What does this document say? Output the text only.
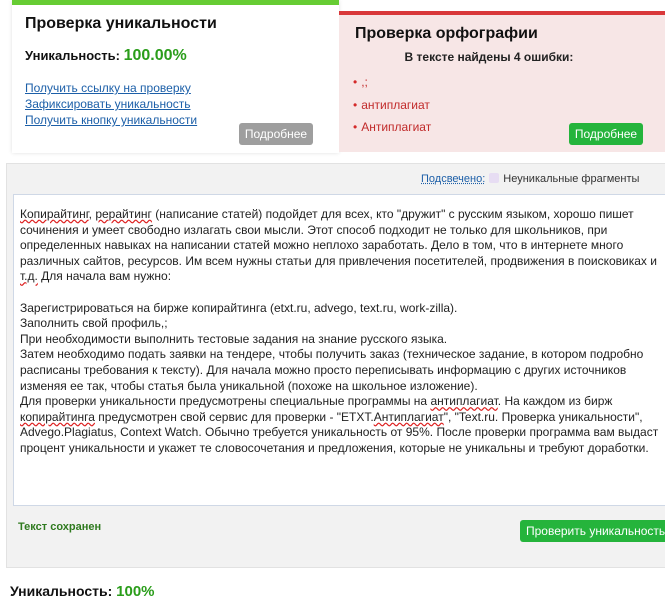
Проверка уникальности
Уникальность: 100.00%
Получить ссылку на проверку
Зафиксировать уникальность
Получить кнопку уникальности
Подробнее
Проверка орфографии
В тексте найдены 4 ошибки:
• ,;
• антиплагиат
• Антиплагиат	Подробнее
Подсвечено: Неуникальные фрагменты
Копирайтинг, рерайтинг (написание статей) подойдет для всех, кто "дружит" с русским языком, хорошо пишет сочинения и умеет свободно излагать свои мысли. Этот способ подходит не только для школьников, при определенных навыках на написании статей можно неплохо заработать. Дело в том, что в интернете много различных сайтов, ресурсов. Им всем нужны статьи для привлечения посетителей, продвижения в поисковиках и т.д. Для начала вам нужно:

Зарегистрироваться на бирже копирайтинга (etxt.ru, advego, text.ru, work-zilla).
Заполнить свой профиль,;
При необходимости выполнить тестовые задания на знание русского языка.
Затем необходимо подать заявки на тендере, чтобы получить заказ (техническое задание, в котором подробно расписаны требования к тексту). Для начала можно просто переписывать информацию с других источников изменяя ее так, чтобы статья была уникальной (похоже на школьное изложение).
Для проверки уникальности предусмотрены специальные программы на антиплагиат. На каждом из бирж копирайтинга предусмотрен свой сервис для проверки - "ETXT.Антиплагиат", "Text.ru. Проверка уникальности", Advego.Plagiatus, Context Watch. Обычно требуется уникальность от 95%. После проверки программа вам выдаст процент уникальности и укажет те словосочетания и предложения, которые не уникальны и требуют доработки.
Текст сохранен	Проверить уникальность
Уникальность: 100%
